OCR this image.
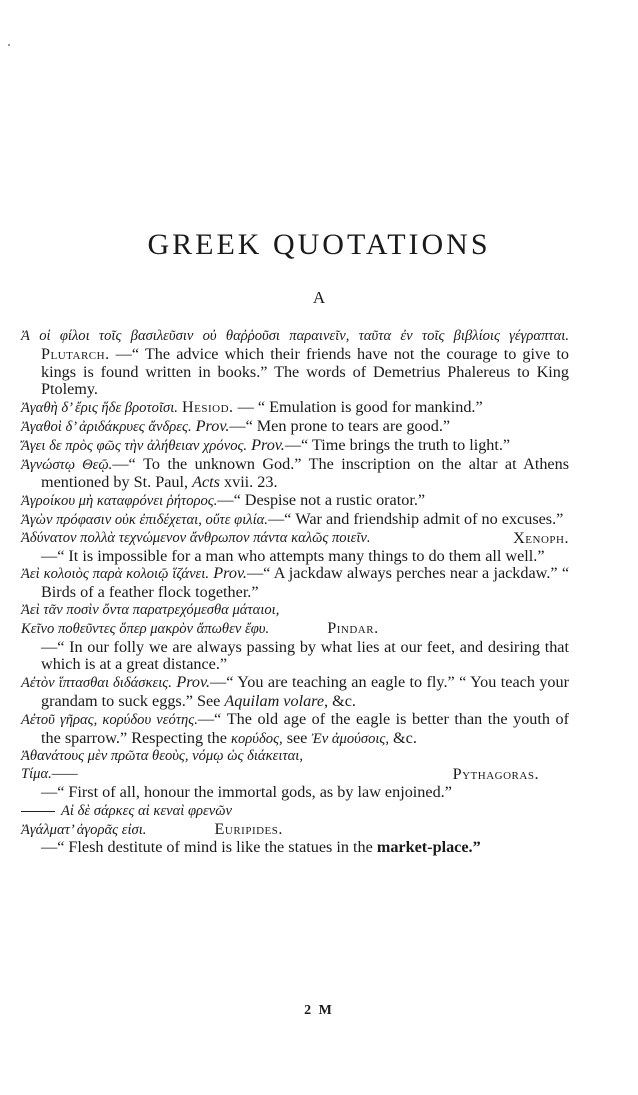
GREEK QUOTATIONS
A

Ἀ οἱ φίλοι τοῖς βασιλεῦσιν οὐ θαῤῥοῦσι παραινεῖν, ταῦτα ἐν τοῖς βιβλίοις γέγραπται. Plutarch. —“ The advice which their friends have not the courage to give to kings is found written in books.” The words of Demetrius Phalereus to King Ptolemy.

Ἀγαθὴ δ’ ἔρις ἥδε βροτοῖσι. Hesiod. — “ Emulation is good for mankind.”

Ἀγαθοὶ δ’ ἀριδάκρυες ἄνδρες. Prov.—“ Men prone to tears are good.”

Ἄγει δε πρὸς φῶς τὴν ἀλήθειαν χρόνος. Prov.—“ Time brings the truth to light.”

Ἀγνώστῳ Θεῷ.—“ To the unknown God.” The inscription on the altar at Athens mentioned by St. Paul, Acts xvii. 23.

Ἀγροίκου μὴ καταφρόνει ῥήτορος.—“ Despise not a rustic orator.”

Ἀγὼν πρόφασιν οὐκ ἐπιδέχεται, οὔτε φιλία.—“ War and friendship admit of no excuses.”

Ἀδύνατον πολλὰ τεχνώμενον ἄνθρωπον πάντα καλῶς ποιεῖν.	Xenoph.
—“ It is impossible for a man who attempts many things to do them all well.”

Ἀεὶ κολοιὸς παρὰ κολοιῷ ἵζάνει. Prov.—“ A jackdaw always perches near a jackdaw.” “ Birds of a feather flock together.”

Ἀεὶ τᾶν ποσὶν ὄντα παρατρεχόμεσθα μάταιοι,
Κεῖνο ποθεῦντες ὅπερ μακρὸν ἄπωθεν ἔφυ.	Pindar.
—“ In our folly we are always passing by what lies at our feet, and desiring that which is at a great distance.”

Αἐτὸν ἵπτασθαι διδάσκεις. Prov.—“ You are teaching an eagle to fly.” “ You teach your grandam to suck eggs.” See Aquilam volare, &c.

Αἐτοῦ γῆρας, κορύδου νεότης.—“ The old age of the eagle is better than the youth of the sparrow.” Respecting the κορύδος, see Ἐν ἀμούσοις, &c.

Ἀθανάτους μὲν πρῶτα θεοὺς, νόμῳ ὡς διάκειται,
Τίμα.——	Pythagoras.
—“ First of all, honour the immortal gods, as by law enjoined.”

Αἱ δὲ σάρκες αἱ κεναὶ φρενῶν
Ἀγάλματ’ ἀγορᾶς εἰσι.	Euripides.
—“ Flesh destitute of mind is like the statues in the market-place.”

2 M
